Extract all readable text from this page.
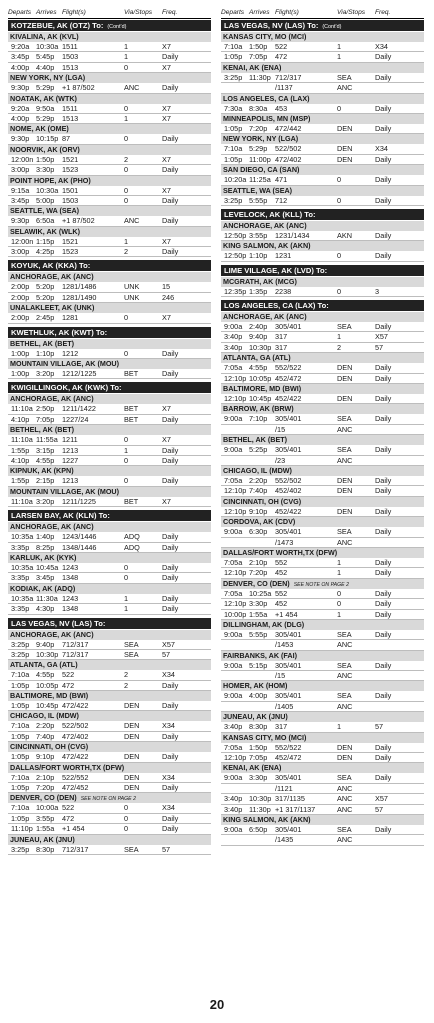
Departs Arrives Flight(s)	Via/Stops	Freq.
KOTZEBUE, AK (OTZ) To: (Cont'd)
KIVALINA, AK (KVL)
9:20a 10:30a 1511	1	X7
3:45p 5:45p	1503	1	Daily
4:00p 4:40p	1513	0	X7
NEW YORK, NY (LGA)
9:30p 5:29p	+1 87/502	ANC	Daily
NOATAK, AK (WTK)
9:20a 9:50a	1511	0	X7
4:00p 5:29p	1513	1	X7
NOME, AK (OME)
9:30p 10:15p 87	0	Daily
NOORVIK, AK (ORV)
12:00n 1:50p	1521	2	X7
3:00p 3:30p	1523	0	Daily
POINT HOPE, AK (PHO)
9:15a 10:30a 1501	0	X7
3:45p 5:00p	1503	0	Daily
SEATTLE, WA (SEA)
9:30p 6:50a	+1 87/502	ANC	Daily
SELAWIK, AK (WLK)
12:00n 1:15p	1521	1	X7
3:00p 4:25p	1523	2	Daily
KOYUK, AK (KKA) To:
ANCHORAGE, AK (ANC)
2:00p 5:20p	1281/1486	UNK	15
2:00p 5:20p	1281/1490	UNK	246
UNALAKLEET, AK (UNK)
2:00p 2:45p	1281	0	X7
KWETHLUK, AK (KWT) To:
BETHEL, AK (BET)
1:00p 1:10p	1212	0	Daily
MOUNTAIN VILLAGE, AK (MOU)
1:00p 3:20p	1212/1225	BET	Daily
KWIGILLINGOK, AK (KWK) To:
ANCHORAGE, AK (ANC)
11:10a 2:50p	1211/1422	BET	X7
4:10p 7:05p	1227/24	BET	Daily
BETHEL, AK (BET)
11:10a 11:55a 1211	0	X7
1:55p 3:15p	1213	1	Daily
4:10p 4:55p	1227	0	Daily
KIPNUK, AK (KPN)
1:55p 2:15p	1213	0	Daily
MOUNTAIN VILLAGE, AK (MOU)
11:10a 3:20p	1211/1225	BET	X7
LARSEN BAY, AK (KLN) To:
ANCHORAGE, AK (ANC)
10:35a 1:40p	1243/1446	ADQ	Daily
3:35p 8:25p	1348/1446	ADQ	Daily
KARLUK, AK (KYK)
10:35a 10:45a 1243	0	Daily
3:35p 3:45p	1348	0	Daily
KODIAK, AK (ADQ)
10:35a 11:30a 1243	1	Daily
3:35p 4:30p	1348	1	Daily
LAS VEGAS, NV (LAS) To:
ANCHORAGE, AK (ANC)
3:25p 9:40p	712/317	SEA	X57
3:25p 10:30p 712/317	SEA	57
ATLANTA, GA (ATL)
7:10a 4:55p	522	2	X34
1:05p 10:05p 472	2	Daily
BALTIMORE, MD (BWI)
1:05p 10:45p 472/422	DEN	Daily
CHICAGO, IL (MDW)
7:10a 2:20p	522/502	DEN	X34
1:05p 7:40p	472/402	DEN	Daily
CINCINNATI, OH (CVG)
1:05p 9:10p	472/422	DEN	Daily
DALLAS/FORT WORTH,TX (DFW)
7:10a 2:10p	522/552	DEN	X34
1:05p 7:20p	472/452	DEN	Daily
DENVER, CO (DEN) SEE NOTE ON PAGE 2
7:10a 10:00a 522	0	X34
1:05p 3:55p	472	0	Daily
11:10p 1:55a	+1 454	0	Daily
JUNEAU, AK (JNU)
3:25p 8:30p	712/317	SEA	57
Departs Arrives Flight(s)	Via/Stops	Freq.
LAS VEGAS, NV (LAS) To: (Cont'd)
KANSAS CITY, MO (MCI)
7:10a 1:50p	522	1	X34
1:05p 7:05p	472	1	Daily
KENAI, AK (ENA)
3:25p 11:30p 712/317	SEA	Daily
/1137	ANC
LOS ANGELES, CA (LAX)
7:30a 8:30a	453	0	Daily
MINNEAPOLIS, MN (MSP)
1:05p 7:20p	472/442	DEN	Daily
NEW YORK, NY (LGA)
7:10a 5:29p	522/502	DEN	X34
1:05p 11:00p 472/402	DEN	Daily
SAN DIEGO, CA (SAN)
10:20a 11:25a 471	0	Daily
SEATTLE, WA (SEA)
3:25p 5:55p	712	0	Daily
LEVELOCK, AK (KLL) To:
ANCHORAGE, AK (ANC)
12:50p 3:55p	1231/1434	AKN	Daily
KING SALMON, AK (AKN)
12:50p 1:10p	1231	0	Daily
LIME VILLAGE, AK (LVD) To:
MCGRATH, AK (MCG)
12:35p 1:35p	2238	0	3
LOS ANGELES, CA (LAX) To:
ANCHORAGE, AK (ANC)
9:00a 2:40p	305/401	SEA	Daily
3:40p 9:40p	317	1	X57
3:40p 10:30p 317	2	57
ATLANTA, GA (ATL)
7:05a 4:55p	552/522	DEN	Daily
12:10p 10:05p 452/472	DEN	Daily
BALTIMORE, MD (BWI)
12:10p 10:45p 452/422	DEN	Daily
BARROW, AK (BRW)
9:00a 7:10p	305/401	SEA	Daily
/15	ANC
BETHEL, AK (BET)
9:00a 5:25p	305/401	SEA	Daily
/23	ANC
CHICAGO, IL (MDW)
7:05a 2:20p	552/502	DEN	Daily
12:10p 7:40p	452/402	DEN	Daily
CINCINNATI, OH (CVG)
12:10p 9:10p	452/422	DEN	Daily
CORDOVA, AK (CDV)
9:00a 6:30p	305/401	SEA	Daily
/1473	ANC
DALLAS/FORT WORTH,TX (DFW)
7:05a 2:10p	552	1	Daily
12:10p 7:20p	452	1	Daily
DENVER, CO (DEN) SEE NOTE ON PAGE 2
7:05a 10:25a 552	0	Daily
12:10p 3:30p	452	0	Daily
10:00p 1:55a	+1 454	1	Daily
DILLINGHAM, AK (DLG)
9:00a 5:55p	305/401	SEA	Daily
/1453	ANC
FAIRBANKS, AK (FAI)
9:00a 5:15p	305/401	SEA	Daily
/15	ANC
HOMER, AK (HOM)
9:00a 4:00p	305/401	SEA	Daily
/1405	ANC
JUNEAU, AK (JNU)
3:40p 8:30p	317	1	57
KANSAS CITY, MO (MCI)
7:05a 1:50p	552/522	DEN	Daily
12:10p 7:05p	452/472	DEN	Daily
KENAI, AK (ENA)
9:00a 3:30p	305/401	SEA	Daily
/1121	ANC
3:40p 10:30p 317/1135	ANC	X57
3:40p 11:30p +1 317/1137	ANC	57
KING SALMON, AK (AKN)
9:00a 6:50p	305/401	SEA	Daily
/1435	ANC
20
